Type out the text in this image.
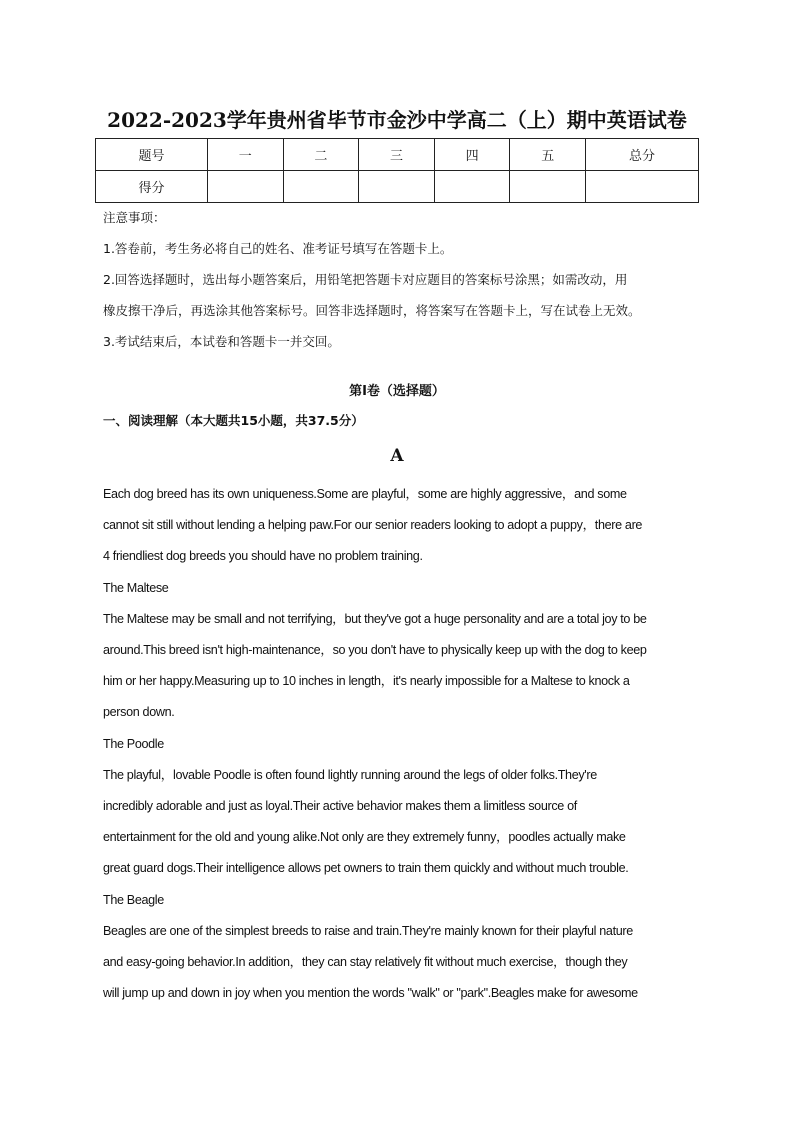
2022-2023学年贵州省毕节市金沙中学高二（上）期中英语试卷
题号	一	二	三	四	五	总分
得分						

注意事项：

1.答卷前，考生务必将自己的姓名、准考证号填写在答题卡上。

2.回答选择题时，选出每小题答案后，用铅笔把答题卡对应题目的答案标号涂黑；如需改动，用

橡皮擦干净后，再选涂其他答案标号。回答非选择题时，将答案写在答题卡上，写在试卷上无效。

3.考试结束后，本试卷和答题卡一并交回。

第I卷（选择题）
一、阅读理解（本大题共15小题，共37.5分）
A
Each dog breed has its own uniqueness.Some are playful，some are highly aggressive，and some
cannot sit still without lending a helping paw.For our senior readers looking to adopt a puppy，there are
4 friendliest dog breeds you should have no problem training.
The Maltese
The Maltese may be small and not terrifying，but they've got a huge personality and are a total joy to be
around.This breed isn't high-maintenance，so you don't have to physically keep up with the dog to keep
him or her happy.Measuring up to 10 inches in length，it's nearly impossible for a Maltese to knock a
person down.
The Poodle
The playful，lovable Poodle is often found lightly running around the legs of older folks.They're
incredibly adorable and just as loyal.Their active behavior makes them a limitless source of
entertainment for the old and young alike.Not only are they extremely funny，poodles actually make
great guard dogs.Their intelligence allows pet owners to train them quickly and without much trouble.
The Beagle
Beagles are one of the simplest breeds to raise and train.They're mainly known for their playful nature
and easy-going behavior.In addition，they can stay relatively fit without much exercise，though they
will jump up and down in joy when you mention the words "walk" or "park".Beagles make for awesome
